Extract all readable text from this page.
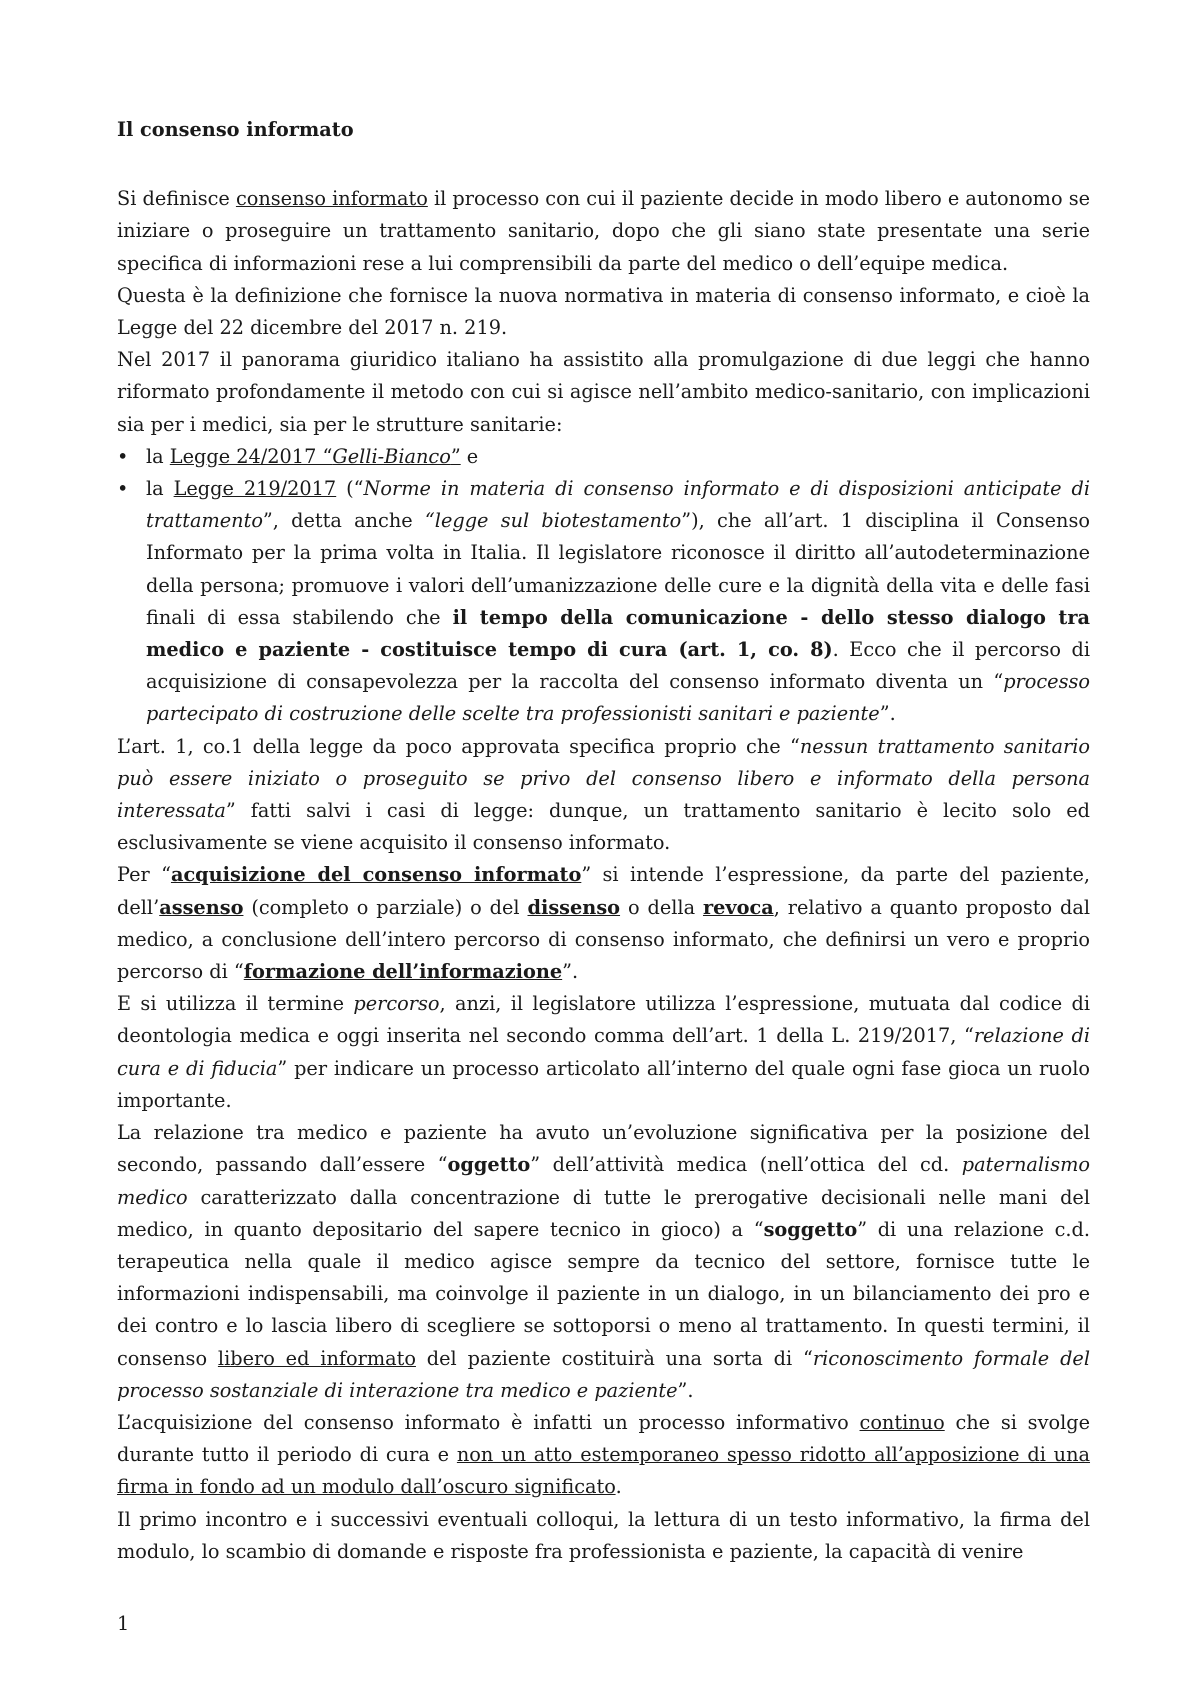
Il consenso informato

Si definisce consenso informato il processo con cui il paziente decide in modo libero e autonomo se iniziare o proseguire un trattamento sanitario, dopo che gli siano state presentate una serie specifica di informazioni rese a lui comprensibili da parte del medico o dell’equipe medica.

Questa è la definizione che fornisce la nuova normativa in materia di consenso informato, e cioè la Legge del 22 dicembre del 2017 n. 219.

Nel 2017 il panorama giuridico italiano ha assistito alla promulgazione di due leggi che hanno riformato profondamente il metodo con cui si agisce nell’ambito medico-sanitario, con implicazioni sia per i medici, sia per le strutture sanitarie:

• la Legge 24/2017 “Gelli-Bianco” e
• la Legge 219/2017 (“Norme in materia di consenso informato e di disposizioni anticipate di trattamento”, detta anche “legge sul biotestamento”), che all’art. 1 disciplina il Consenso Informato per la prima volta in Italia. Il legislatore riconosce il diritto all’autodeterminazione della persona; promuove i valori dell’umanizzazione delle cure e la dignità della vita e delle fasi finali di essa stabilendo che il tempo della comunicazione - dello stesso dialogo tra medico e paziente - costituisce tempo di cura (art. 1, co. 8). Ecco che il percorso di acquisizione di consapevolezza per la raccolta del consenso informato diventa un “processo partecipato di costruzione delle scelte tra professionisti sanitari e paziente”.

L’art. 1, co.1 della legge da poco approvata specifica proprio che “nessun trattamento sanitario può essere iniziato o proseguito se privo del consenso libero e informato della persona interessata” fatti salvi i casi di legge: dunque, un trattamento sanitario è lecito solo ed esclusivamente se viene acquisito il consenso informato.

Per “acquisizione del consenso informato” si intende l’espressione, da parte del paziente, dell’assenso (completo o parziale) o del dissenso o della revoca, relativo a quanto proposto dal medico, a conclusione dell’intero percorso di consenso informato, che definirsi un vero e proprio percorso di “formazione dell’informazione”.

E si utilizza il termine percorso, anzi, il legislatore utilizza l’espressione, mutuata dal codice di deontologia medica e oggi inserita nel secondo comma dell’art. 1 della L. 219/2017, “relazione di cura e di fiducia” per indicare un processo articolato all’interno del quale ogni fase gioca un ruolo importante.

La relazione tra medico e paziente ha avuto un’evoluzione significativa per la posizione del secondo, passando dall’essere “oggetto” dell’attività medica (nell’ottica del cd. paternalismo medico caratterizzato dalla concentrazione di tutte le prerogative decisionali nelle mani del medico, in quanto depositario del sapere tecnico in gioco) a “soggetto” di una relazione c.d. terapeutica nella quale il medico agisce sempre da tecnico del settore, fornisce tutte le informazioni indispensabili, ma coinvolge il paziente in un dialogo, in un bilanciamento dei pro e dei contro e lo lascia libero di scegliere se sottoporsi o meno al trattamento. In questi termini, il consenso libero ed informato del paziente costituirà una sorta di “riconoscimento formale del processo sostanziale di interazione tra medico e paziente”.

L’acquisizione del consenso informato è infatti un processo informativo continuo che si svolge durante tutto il periodo di cura e non un atto estemporaneo spesso ridotto all’apposizione di una firma in fondo ad un modulo dall’oscuro significato.

Il primo incontro e i successivi eventuali colloqui, la lettura di un testo informativo, la firma del modulo, lo scambio di domande e risposte fra professionista e paziente, la capacità di venire

1
